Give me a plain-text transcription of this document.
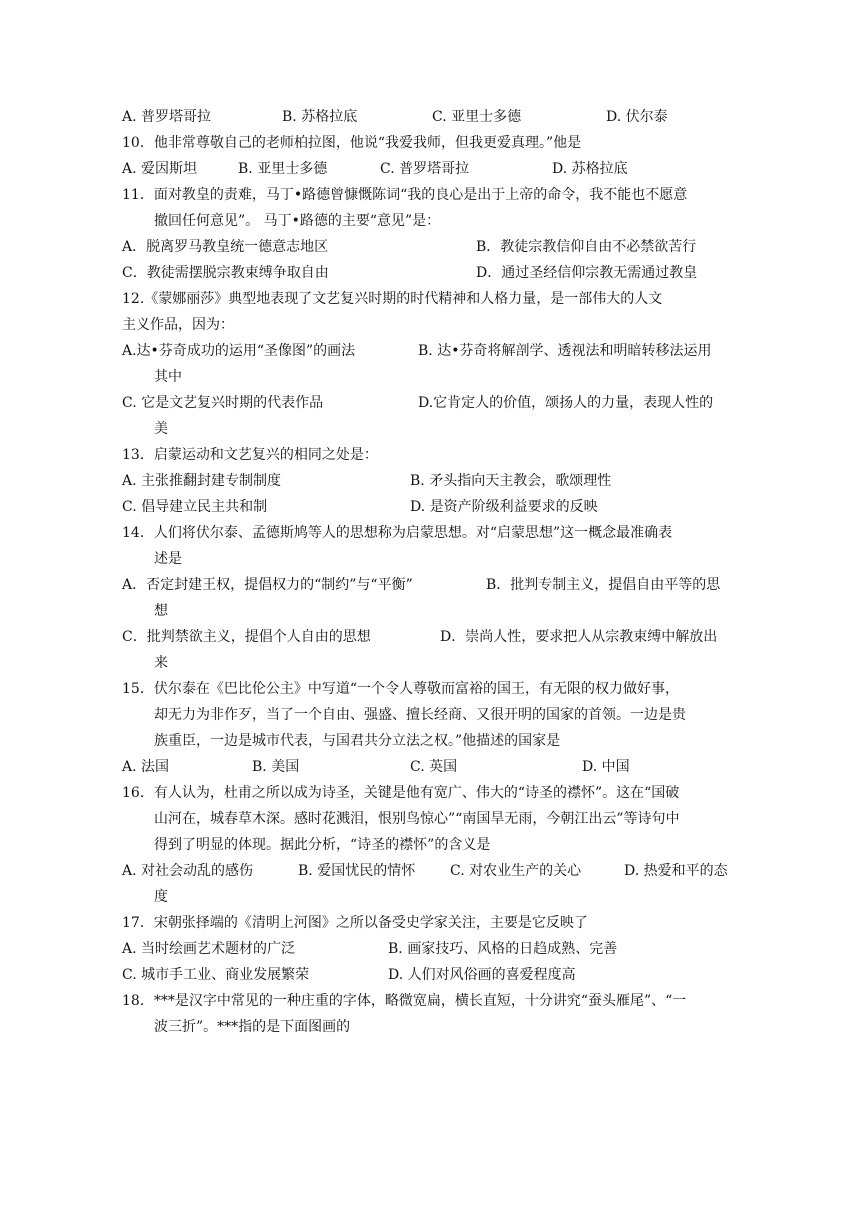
A. 普罗塔哥拉	B. 苏格拉底	C. 亚里士多德	D. 伏尔泰
10．他非常尊敬自己的老师柏拉图，他说“我爱我师，但我更爱真理。”他是
A. 爱因斯坦	B. 亚里士多德	C. 普罗塔哥拉	D. 苏格拉底
11．面对教皇的责难，马丁•路德曾慷慨陈词“我的良心是出于上帝的命令，我不能也不愿意
撤回任何意见”。 马丁•路德的主要“意见”是：
A．脱离罗马教皇统一德意志地区	B．教徒宗教信仰自由不必禁欲苦行
C．教徒需摆脱宗教束缚争取自由	D．通过圣经信仰宗教无需通过教皇
12.《蒙娜丽莎》典型地表现了文艺复兴时期的时代精神和人格力量，是一部伟大的人文
主义作品，因为：
A.达•芬奇成功的运用“圣像图”的画法	B. 达•芬奇将解剖学、透视法和明暗转移法运用
其中
C. 它是文艺复兴时期的代表作品	D.它肯定人的价值，颂扬人的力量，表现人性的
美
13．启蒙运动和文艺复兴的相同之处是：
A. 主张推翻封建专制制度	B. 矛头指向天主教会，歌颂理性
C. 倡导建立民主共和制	D. 是资产阶级利益要求的反映
14．人们将伏尔泰、孟德斯鸠等人的思想称为启蒙思想。对“启蒙思想”这一概念最准确表
述是
A．否定封建王权，提倡权力的“制约”与“平衡”	B．批判专制主义，提倡自由平等的思
想
C．批判禁欲主义，提倡个人自由的思想	D．崇尚人性，要求把人从宗教束缚中解放出
来
15．伏尔泰在《巴比伦公主》中写道“一个令人尊敬而富裕的国王，有无限的权力做好事，
却无力为非作歹，当了一个自由、强盛、擅长经商、又很开明的国家的首领。一边是贵
族重臣，一边是城市代表，与国君共分立法之权。”他描述的国家是
A. 法国	B. 美国	C. 英国	D. 中国
16．有人认为，杜甫之所以成为诗圣，关键是他有宽广、伟大的“诗圣的襟怀”。这在“国破
山河在，城春草木深。感时花溅泪，恨别鸟惊心”“南国旱无雨，今朝江出云”等诗句中
得到了明显的体现。据此分析，“诗圣的襟怀”的含义是
A. 对社会动乱的感伤	B. 爱国忧民的情怀 C. 对农业生产的关心	D. 热爱和平的态
度
17．宋朝张择端的《清明上河图》之所以备受史学家关注，主要是它反映了
A. 当时绘画艺术题材的广泛	B. 画家技巧、风格的日趋成熟、完善
C. 城市手工业、商业发展繁荣	D. 人们对风俗画的喜爱程度高
18．***是汉字中常见的一种庄重的字体，略微宽扁，横长直短，十分讲究“蚕头雁尾”、“一
波三折”。***指的是下面图画的
